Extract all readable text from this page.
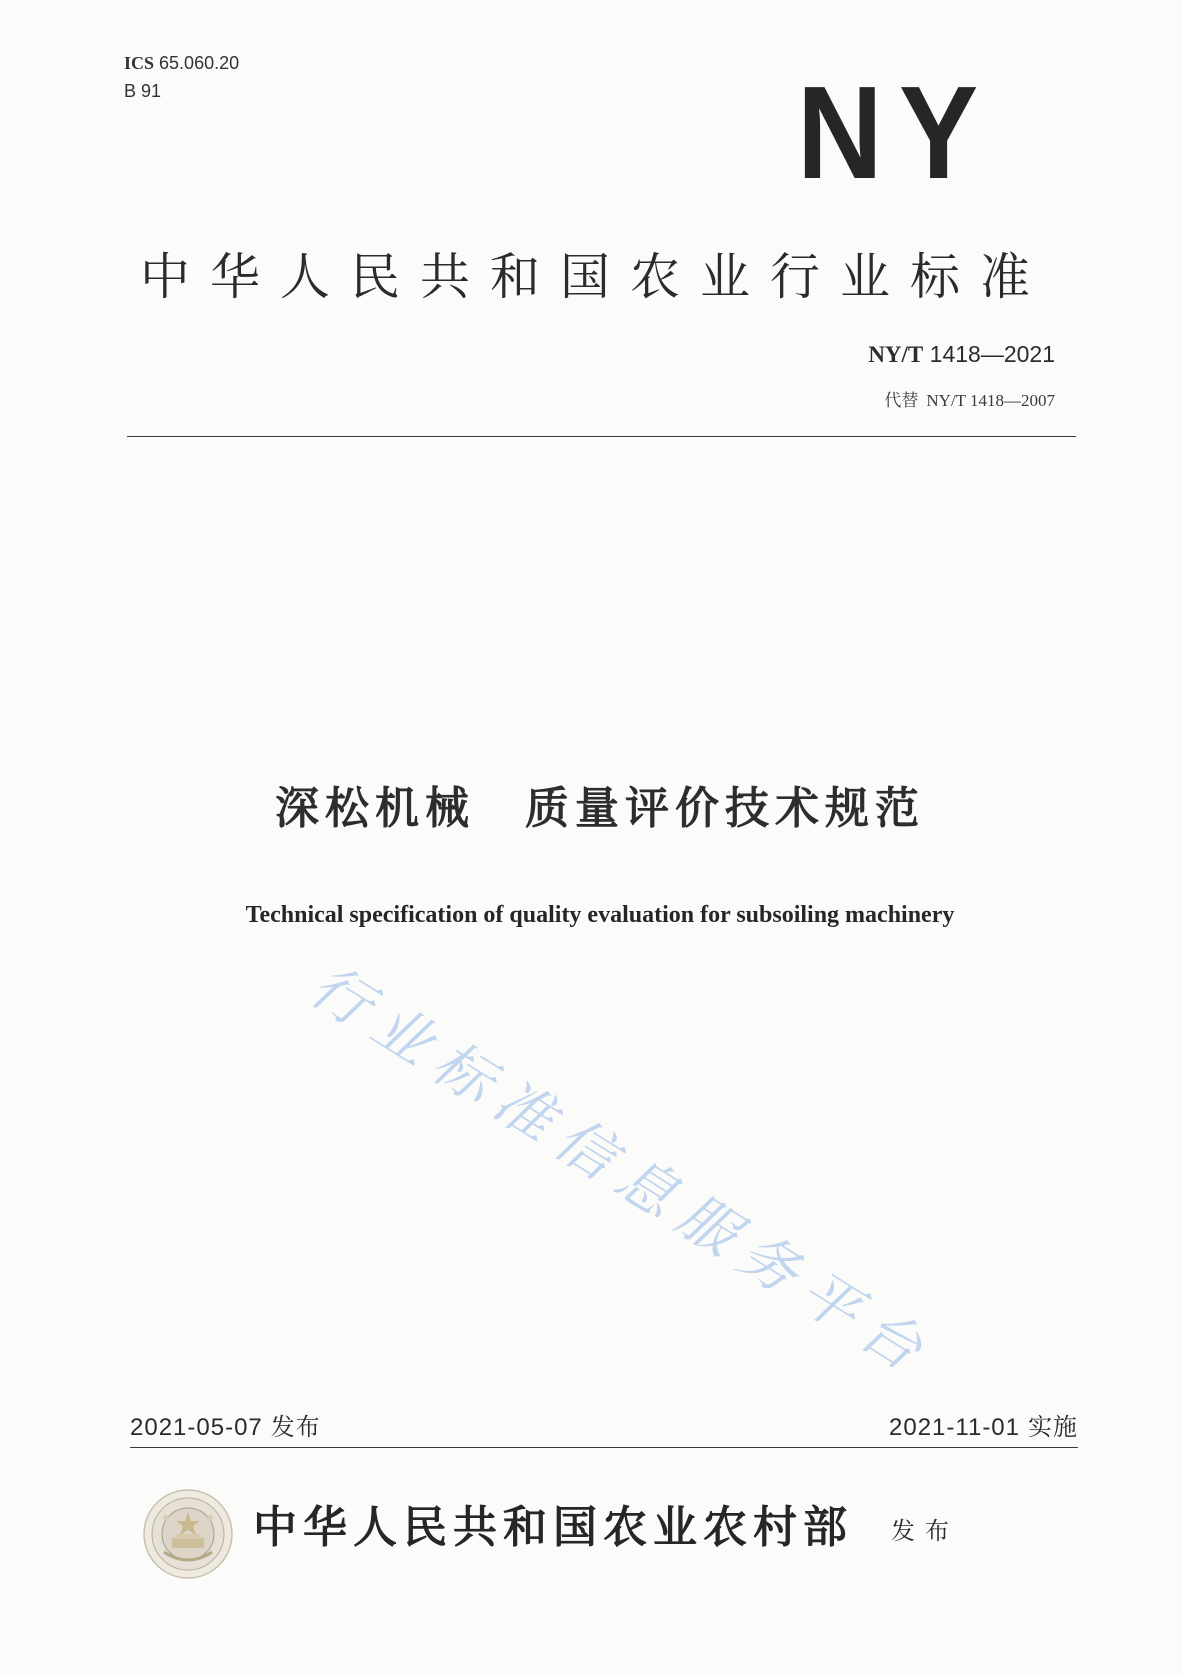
ICS 65.060.20
B 91	NY
中华人民共和国农业行业标准
NY/T 1418—2021
代替 NY/T 1418—2007
深松机械　质量评价技术规范
Technical specification of quality evaluation for subsoiling machinery
行业标准信息服务平台
2021-05-07 发布	2021-11-01 实施
中华人民共和国农业农村部 发布
